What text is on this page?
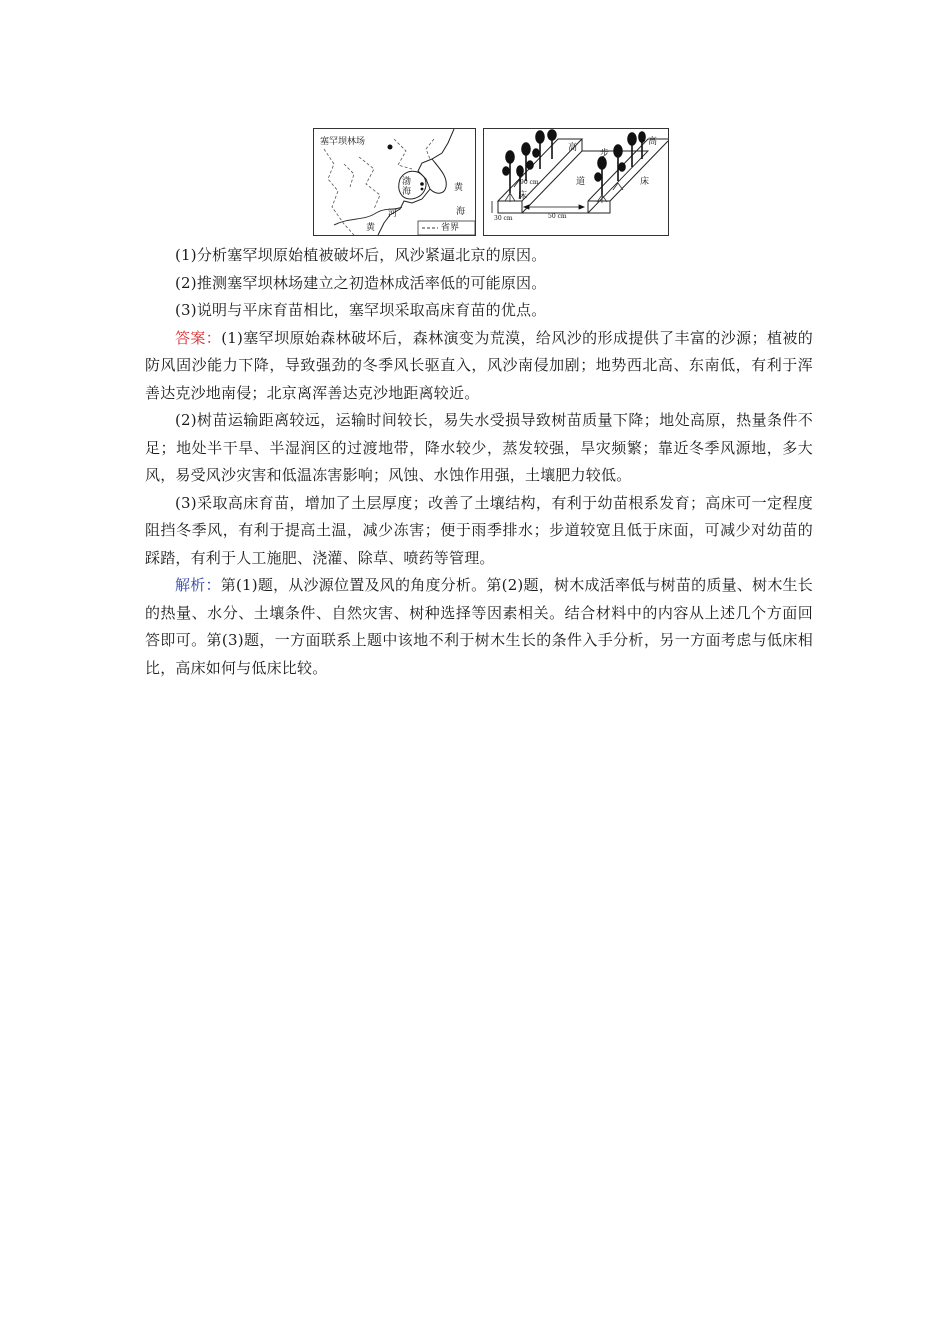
塞罕坝林场
渤
海	黄
海
黄
河
省界
高
高
步
道
床
床
90 cm
30 cm	50 cm

(1)分析塞罕坝原始植被破坏后，风沙紧逼北京的原因。

(2)推测塞罕坝林场建立之初造林成活率低的可能原因。

(3)说明与平床育苗相比，塞罕坝采取高床育苗的优点。

答案：(1)塞罕坝原始森林破坏后，森林演变为荒漠，给风沙的形成提供了丰富的沙源；植被的防风固沙能力下降，导致强劲的冬季风长驱直入，风沙南侵加剧；地势西北高、东南低，有利于浑善达克沙地南侵；北京离浑善达克沙地距离较近。

(2)树苗运输距离较远，运输时间较长，易失水受损导致树苗质量下降；地处高原，热量条件不足；地处半干旱、半湿润区的过渡地带，降水较少，蒸发较强，旱灾频繁；靠近冬季风源地，多大风，易受风沙灾害和低温冻害影响；风蚀、水蚀作用强，土壤肥力较低。

(3)采取高床育苗，增加了土层厚度；改善了土壤结构，有利于幼苗根系发育；高床可一定程度阻挡冬季风，有利于提高土温，减少冻害；便于雨季排水；步道较宽且低于床面，可减少对幼苗的踩踏，有利于人工施肥、浇灌、除草、喷药等管理。

解析：第(1)题，从沙源位置及风的角度分析。第(2)题，树木成活率低与树苗的质量、树木生长的热量、水分、土壤条件、自然灾害、树种选择等因素相关。结合材料中的内容从上述几个方面回答即可。第(3)题，一方面联系上题中该地不利于树木生长的条件入手分析，另一方面考虑与低床相比，高床如何与低床比较。
